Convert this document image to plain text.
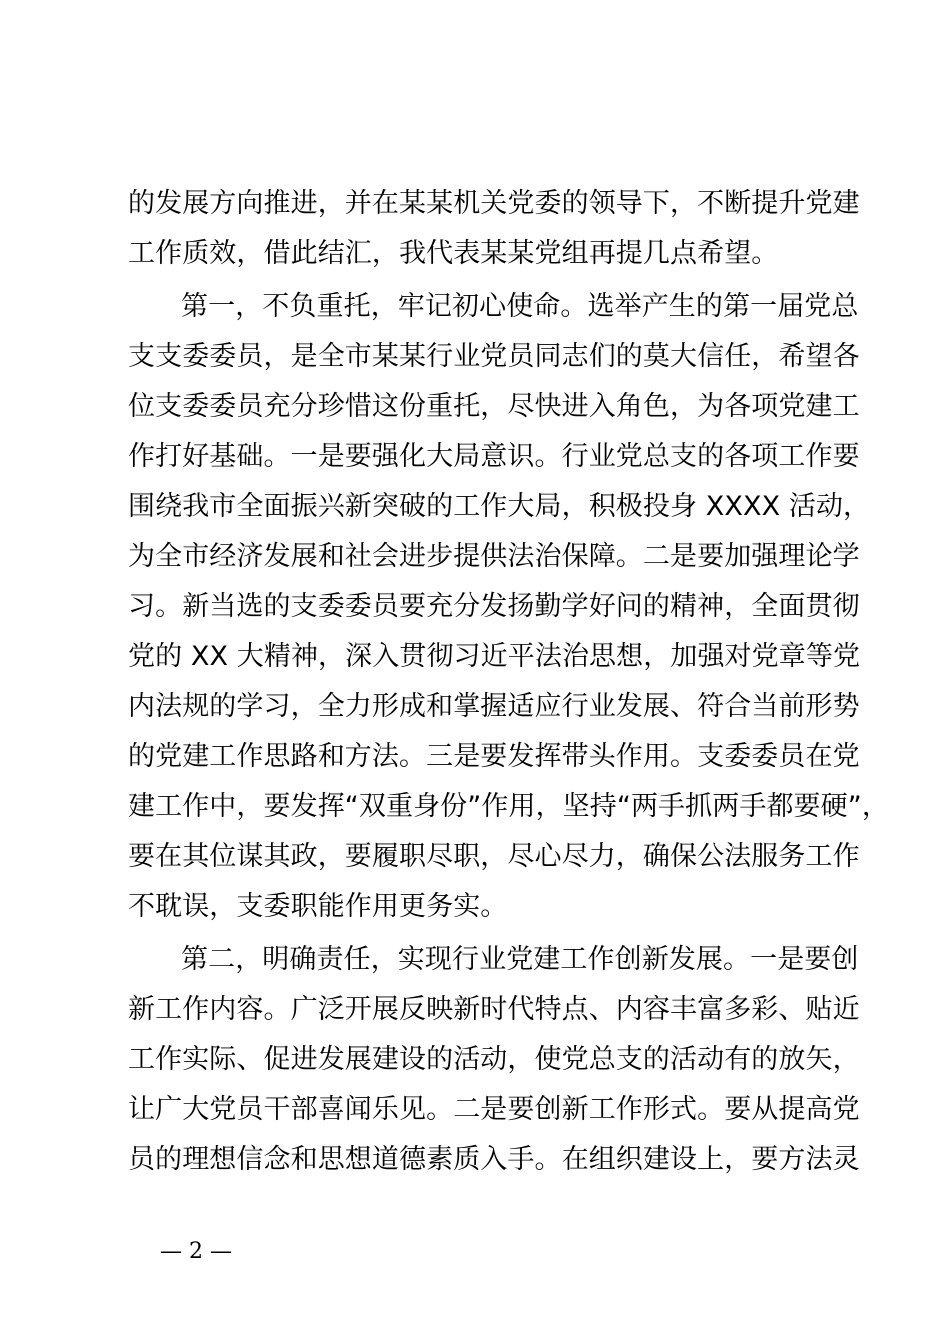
的发展方向推进，并在某某机关党委的领导下，不断提升党建
工作质效，借此结汇，我代表某某党组再提几点希望。
第一，不负重托，牢记初心使命。选举产生的第一届党总
支支委委员，是全市某某行业党员同志们的莫大信任，希望各
位支委委员充分珍惜这份重托，尽快进入角色，为各项党建工
作打好基础。一是要强化大局意识。行业党总支的各项工作要
围绕我市全面振兴新突破的工作大局，积极投身 XXXX 活动，
为全市经济发展和社会进步提供法治保障。二是要加强理论学
习。新当选的支委委员要充分发扬勤学好问的精神，全面贯彻
党的 XX 大精神，深入贯彻习近平法治思想，加强对党章等党
内法规的学习，全力形成和掌握适应行业发展、符合当前形势
的党建工作思路和方法。三是要发挥带头作用。支委委员在党
建工作中，要发挥“双重身份”作用，坚持“两手抓两手都要硬”，
要在其位谋其政，要履职尽职，尽心尽力，确保公法服务工作
不耽误，支委职能作用更务实。
第二，明确责任，实现行业党建工作创新发展。一是要创
新工作内容。广泛开展反映新时代特点、内容丰富多彩、贴近
工作实际、促进发展建设的活动，使党总支的活动有的放矢，
让广大党员干部喜闻乐见。二是要创新工作形式。要从提高党
员的理想信念和思想道德素质入手。在组织建设上，要方法灵
— 2 —
